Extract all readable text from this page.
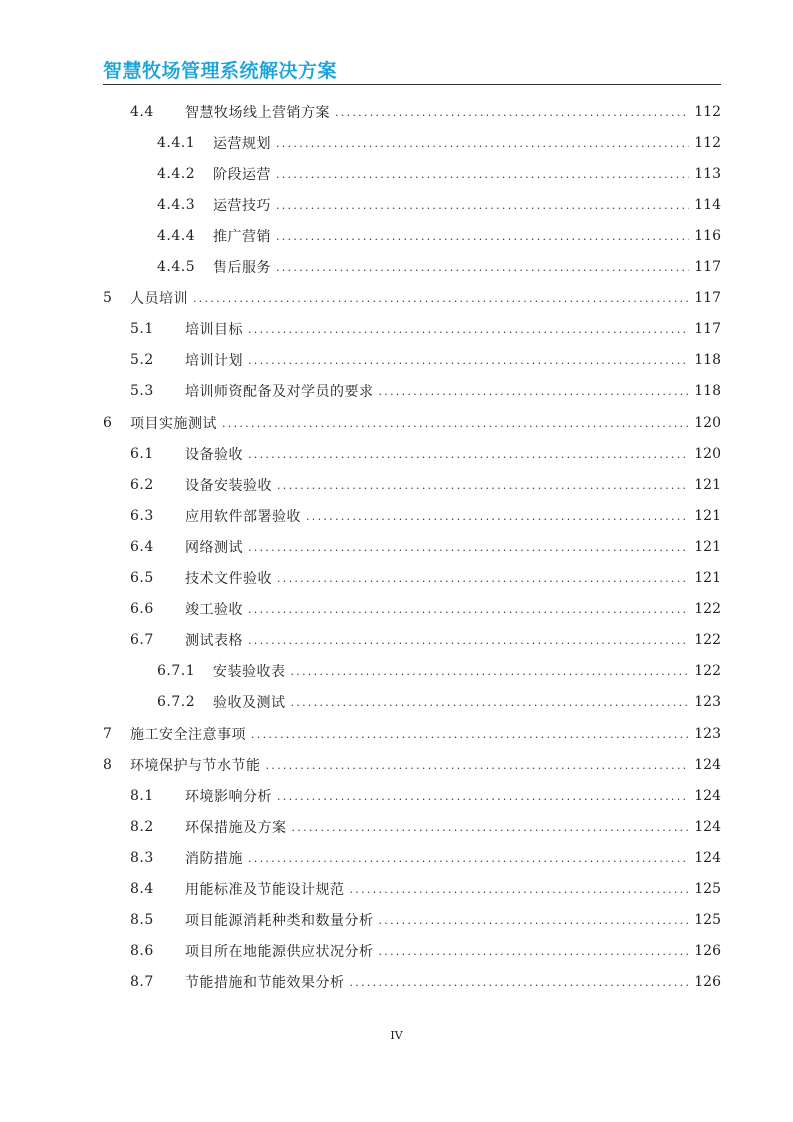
智慧牧场管理系统解决方案
4.4	智慧牧场线上营销方案 . . .	112
4.4.1	运营规划 . . .	112
4.4.2	阶段运营 . . .	113
4.4.3	运营技巧 . . .	114
4.4.4	推广营销 . . .	116
4.4.5	售后服务 . . .	117
5	人员培训 . . .	117
5.1	培训目标 . . .	117
5.2	培训计划 . . .	118
5.3	培训师资配备及对学员的要求 . . .	118
6	项目实施测试 . . .	120
6.1	设备验收 . . .	120
6.2	设备安装验收 . . .	121
6.3	应用软件部署验收 . . .	121
6.4	网络测试 . . .	121
6.5	技术文件验收 . . .	121
6.6	竣工验收 . . .	122
6.7	测试表格 . . .	122
6.7.1	安装验收表 . . .	122
6.7.2	验收及测试 . . .	123
7	施工安全注意事项 . . .	123
8	环境保护与节水节能 . . .	124
8.1	环境影响分析 . . .	124
8.2	环保措施及方案 . . .	124
8.3	消防措施 . . .	124
8.4	用能标准及节能设计规范 . . .	125
8.5	项目能源消耗种类和数量分析 . . .	125
8.6	项目所在地能源供应状况分析 . . .	126
8.7	节能措施和节能效果分析 . . .	126
IV
